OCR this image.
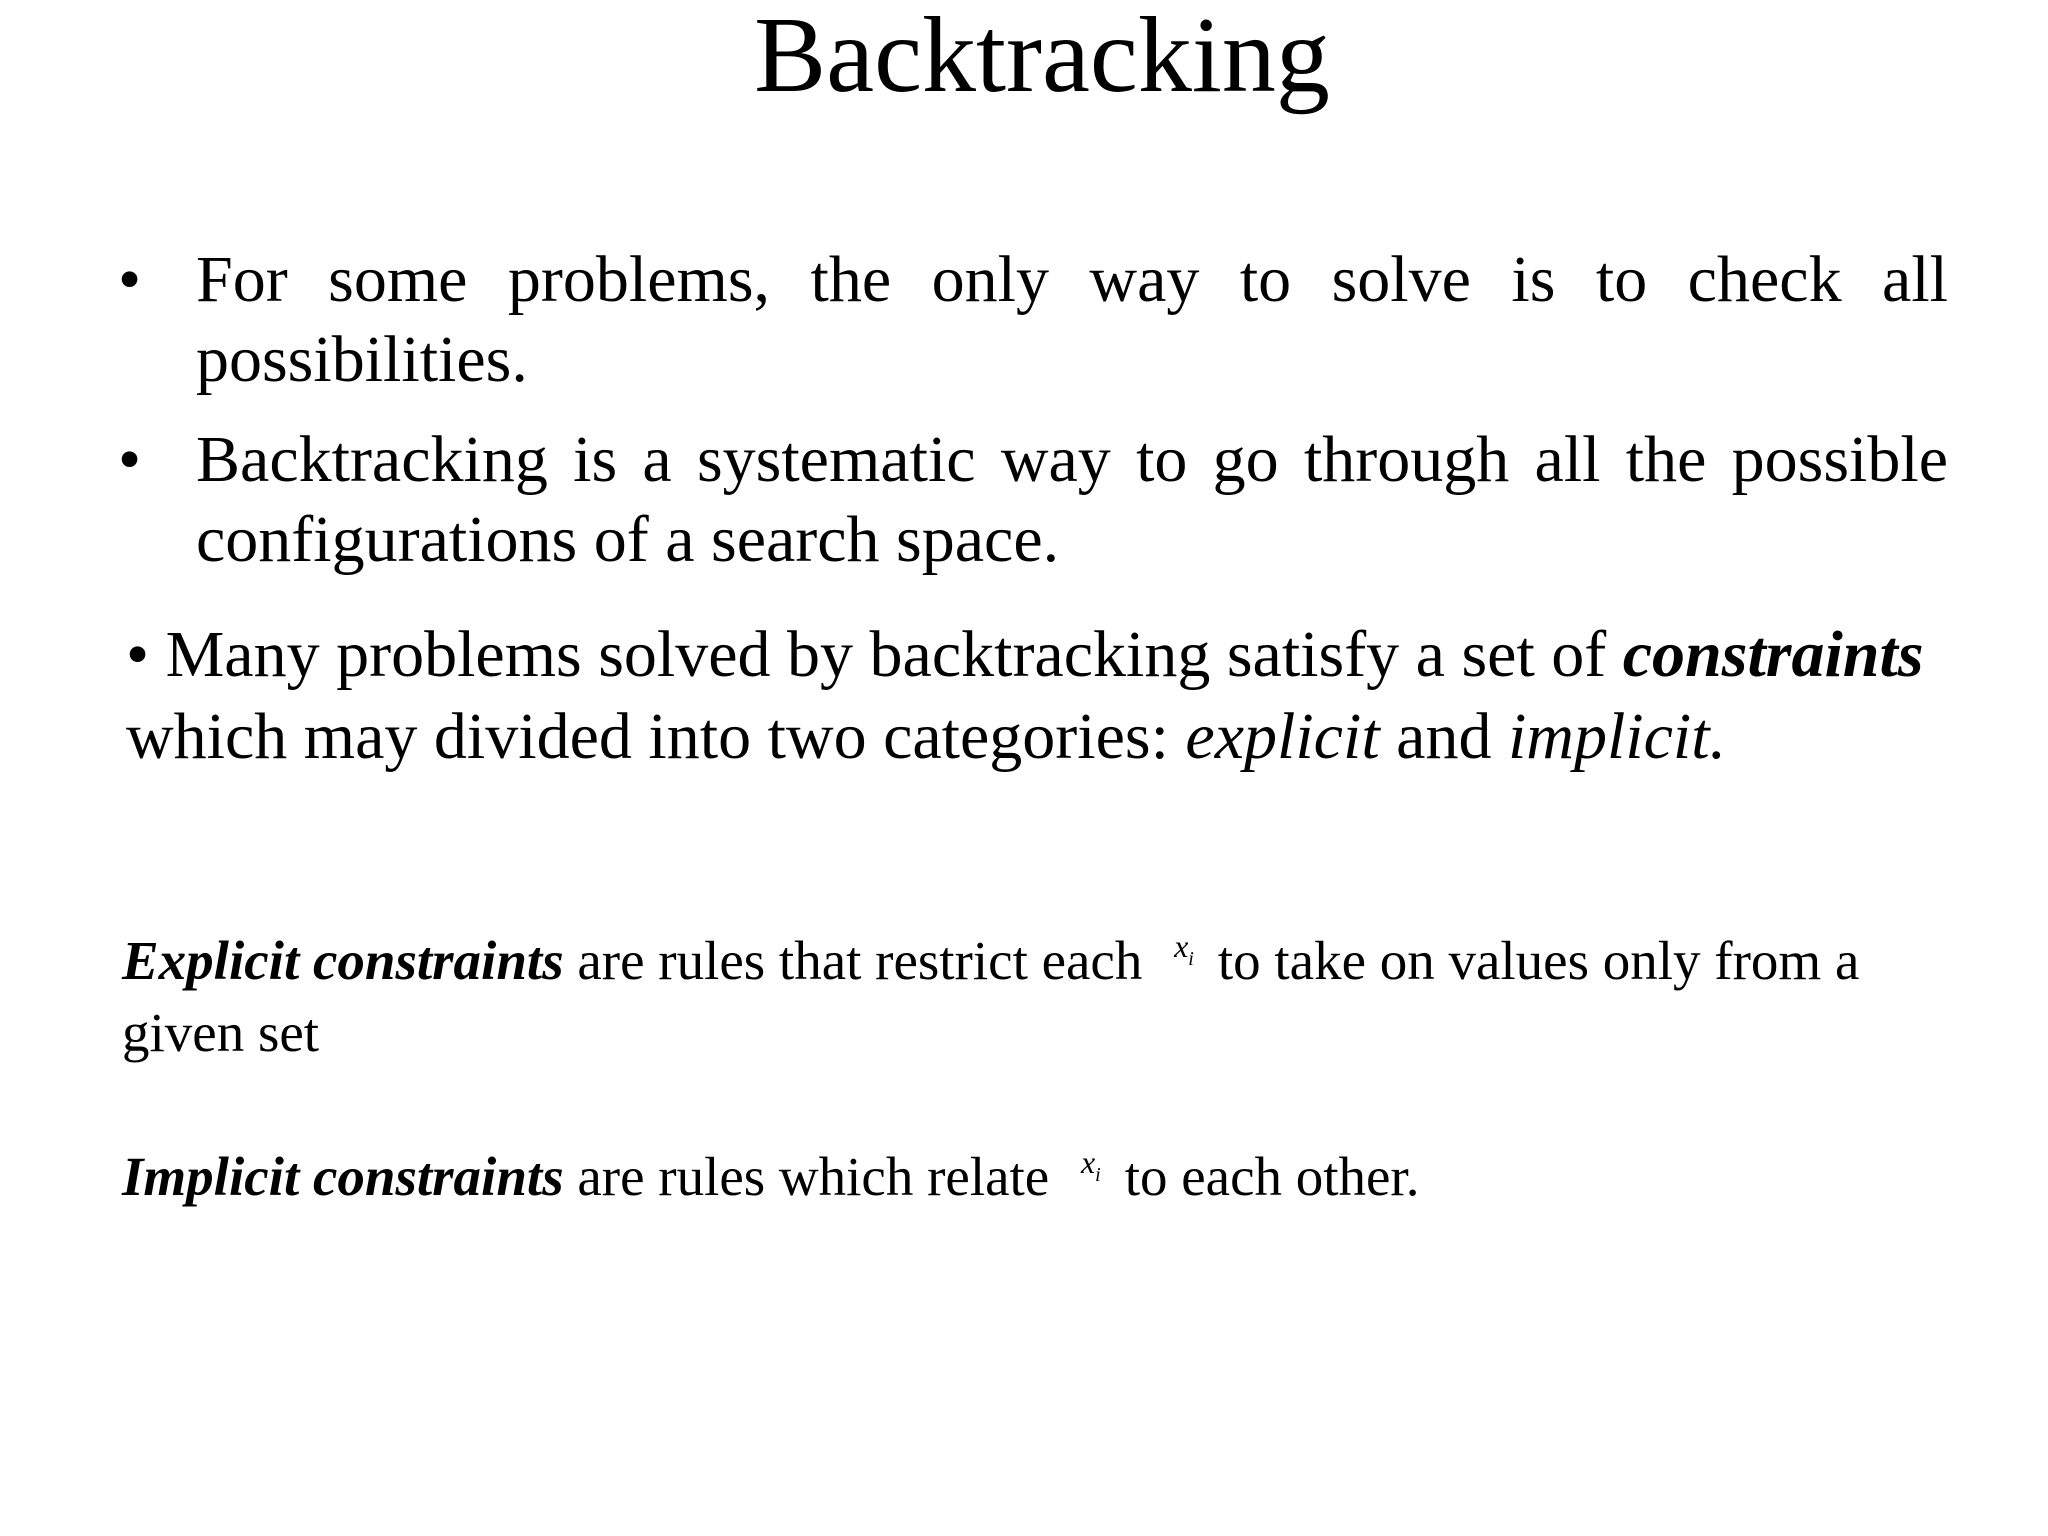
Backtracking
• For some problems, the only way to solve is to check all possibilities.
• Backtracking is a systematic way to go through all the possible configurations of a search space.

• Many problems solved by backtracking satisfy a set of constraints which may divided into two categories: explicit and implicit.

Explicit constraints are rules that restrict each $x_i$ to take on values only from a given set

Implicit constraints are rules which relate $x_i$ to each other.
